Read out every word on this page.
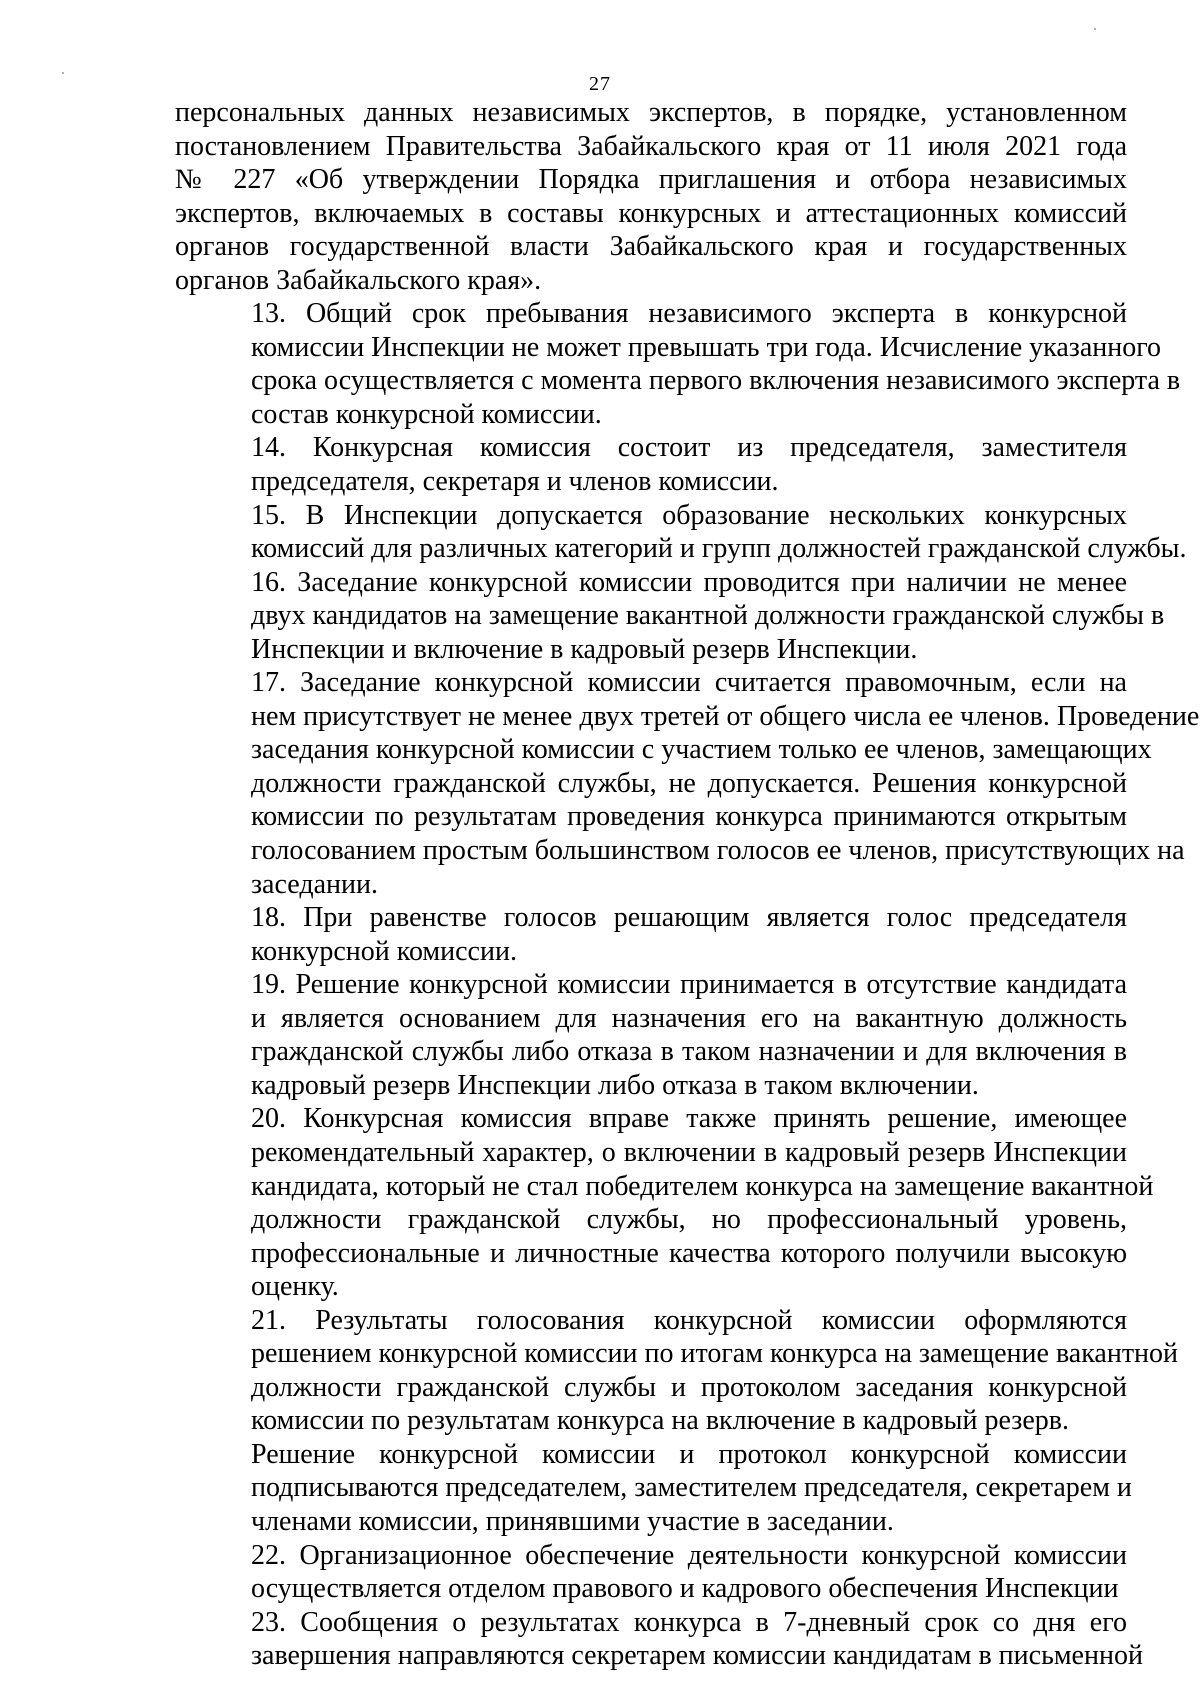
27
персональных данных независимых экспертов, в порядке, установленном
постановлением Правительства Забайкальского края от 11 июля 2021 года
№ 227 «Об утверждении Порядка приглашения и отбора независимых
экспертов, включаемых в составы конкурсных и аттестационных комиссий
органов государственной власти Забайкальского края и государственных
органов Забайкальского края».
13. Общий срок пребывания независимого эксперта в конкурсной
комиссии Инспекции не может превышать три года. Исчисление указанного
срока осуществляется с момента первого включения независимого эксперта в
состав конкурсной комиссии.
14. Конкурсная комиссия состоит из председателя, заместителя
председателя, секретаря и членов комиссии.
15. В Инспекции допускается образование нескольких конкурсных
комиссий для различных категорий и групп должностей гражданской службы.
16. Заседание конкурсной комиссии проводится при наличии не менее
двух кандидатов на замещение вакантной должности гражданской службы в
Инспекции и включение в кадровый резерв Инспекции.
17. Заседание конкурсной комиссии считается правомочным, если на
нем присутствует не менее двух третей от общего числа ее членов. Проведение
заседания конкурсной комиссии с участием только ее членов, замещающих
должности гражданской службы, не допускается. Решения конкурсной
комиссии по результатам проведения конкурса принимаются открытым
голосованием простым большинством голосов ее членов, присутствующих на
заседании.
18. При равенстве голосов решающим является голос председателя
конкурсной комиссии.
19. Решение конкурсной комиссии принимается в отсутствие кандидата
и является основанием для назначения его на вакантную должность
гражданской службы либо отказа в таком назначении и для включения в
кадровый резерв Инспекции либо отказа в таком включении.
20. Конкурсная комиссия вправе также принять решение, имеющее
рекомендательный характер, о включении в кадровый резерв Инспекции
кандидата, который не стал победителем конкурса на замещение вакантной
должности гражданской службы, но профессиональный уровень,
профессиональные и личностные качества которого получили высокую
оценку.
21. Результаты голосования конкурсной комиссии оформляются
решением конкурсной комиссии по итогам конкурса на замещение вакантной
должности гражданской службы и протоколом заседания конкурсной
комиссии по результатам конкурса на включение в кадровый резерв.
Решение конкурсной комиссии и протокол конкурсной комиссии
подписываются председателем, заместителем председателя, секретарем и
членами комиссии, принявшими участие в заседании.
22. Организационное обеспечение деятельности конкурсной комиссии
осуществляется отделом правового и кадрового обеспечения Инспекции
23. Сообщения о результатах конкурса в 7-дневный срок со дня его
завершения направляются секретарем комиссии кандидатам в письменной
